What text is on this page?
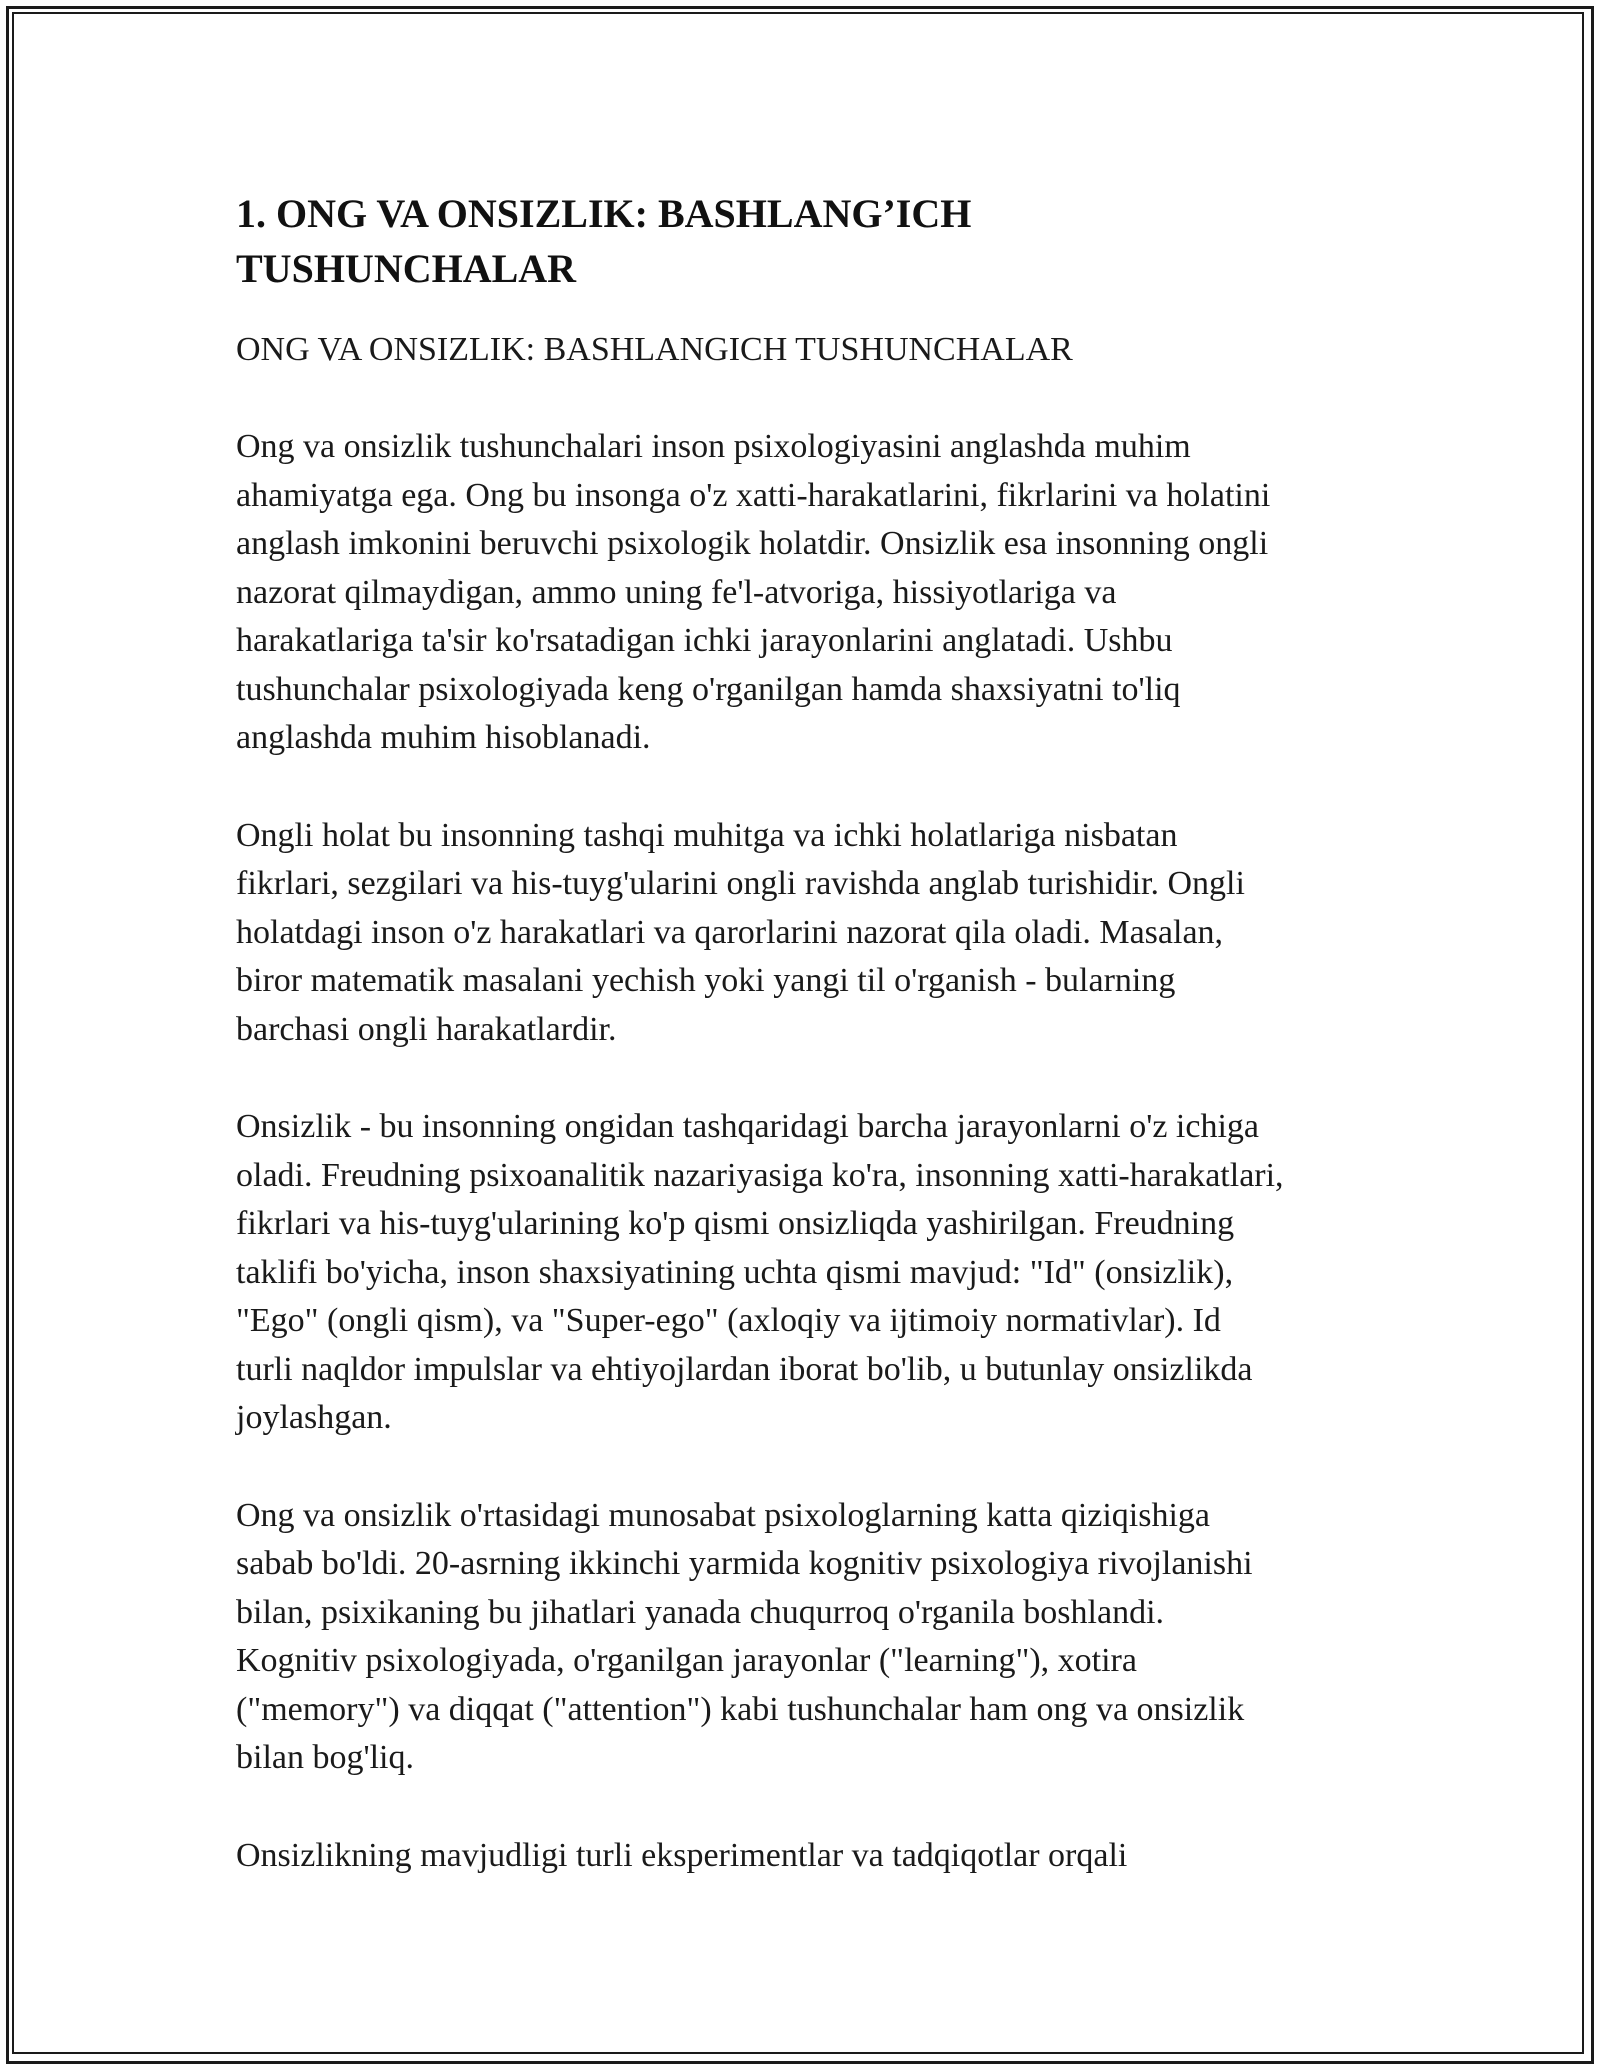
1. ONG VA ONSIZLIK: BASHLANG’ICH
TUSHUNCHALAR

ONG VA ONSIZLIK: BASHLANGICH TUSHUNCHALAR

Ong va onsizlik tushunchalari inson psixologiyasini anglashda muhim
ahamiyatga ega. Ong bu insonga o'z xatti-harakatlarini, fikrlarini va holatini
anglash imkonini beruvchi psixologik holatdir. Onsizlik esa insonning ongli
nazorat qilmaydigan, ammo uning fe'l-atvoriga, hissiyotlariga va
harakatlariga ta'sir ko'rsatadigan ichki jarayonlarini anglatadi. Ushbu
tushunchalar psixologiyada keng o'rganilgan hamda shaxsiyatni to'liq
anglashda muhim hisoblanadi.

Ongli holat bu insonning tashqi muhitga va ichki holatlariga nisbatan
fikrlari, sezgilari va his-tuyg'ularini ongli ravishda anglab turishidir. Ongli
holatdagi inson o'z harakatlari va qarorlarini nazorat qila oladi. Masalan,
biror matematik masalani yechish yoki yangi til o'rganish - bularning
barchasi ongli harakatlardir.

Onsizlik - bu insonning ongidan tashqaridagi barcha jarayonlarni o'z ichiga
oladi. Freudning psixoanalitik nazariyasiga ko'ra, insonning xatti-harakatlari,
fikrlari va his-tuyg'ularining ko'p qismi onsizliqda yashirilgan. Freudning
taklifi bo'yicha, inson shaxsiyatining uchta qismi mavjud: "Id" (onsizlik),
"Ego" (ongli qism), va "Super-ego" (axloqiy va ijtimoiy normativlar). Id
turli naqldor impulslar va ehtiyojlardan iborat bo'lib, u butunlay onsizlikda
joylashgan.

Ong va onsizlik o'rtasidagi munosabat psixologlarning katta qiziqishiga
sabab bo'ldi. 20-asrning ikkinchi yarmida kognitiv psixologiya rivojlanishi
bilan, psixikaning bu jihatlari yanada chuqurroq o'rganila boshlandi.
Kognitiv psixologiyada, o'rganilgan jarayonlar ("learning"), xotira
("memory") va diqqat ("attention") kabi tushunchalar ham ong va onsizlik
bilan bog'liq.

Onsizlikning mavjudligi turli eksperimentlar va tadqiqotlar orqali
